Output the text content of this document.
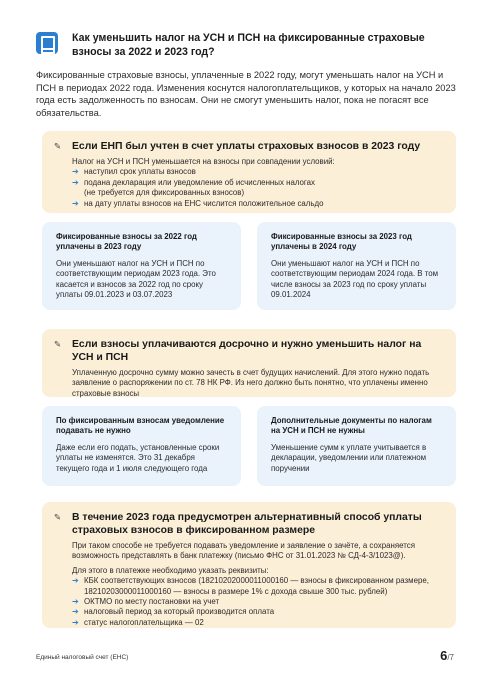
Как уменьшить налог на УСН и ПСН на фиксированные страховые взносы за 2022 и 2023 год?

Фиксированные страховые взносы, уплаченные в 2022 году, могут уменьшать налог на УСН и ПСН в периодах 2022 года. Изменения коснутся налогоплательщиков, у которых на начало 2023 года есть задолженность по взносам. Они не смогут уменьшить налог, пока не погасят все обязательства.

✎ Если ЕНП был учтен в счет уплаты страховых взносов в 2023 году
Налог на УСН и ПСН уменьшается на взносы при совпадении условий:
➔ наступил срок уплаты взносов
➔ подана декларация или уведомление об исчисленных налогах
(не требуется для фиксированных взносов)
➔ на дату уплаты взносов на ЕНС числится положительное сальдо
Фиксированные взносы за 2022 год уплачены в 2023 году
Они уменьшают налог на УСН и ПСН по соответствующим периодам 2023 года. Это касается и взносов за 2022 год по сроку уплаты 09.01.2023 и 03.07.2023
Фиксированные взносы за 2023 год уплачены в 2024 году
Они уменьшают налог на УСН и ПСН по соответствующим периодам 2024 года. В том числе взносы за 2023 год по сроку уплаты 09.01.2024
✎ Если взносы уплачиваются досрочно и нужно уменьшить налог на УСН и ПСН
Уплаченную досрочно сумму можно зачесть в счет будущих начислений. Для этого нужно подать заявление о распоряжении по ст. 78 НК РФ. Из него должно быть понятно, что уплачены именно страховые взносы
По фиксированным взносам уведомление подавать не нужно
Даже если его подать, установленные сроки уплаты не изменятся. Это 31 декабря текущего года и 1 июля следующего года
Дополнительные документы по налогам на УСН и ПСН не нужны
Уменьшение сумм к уплате учитывается в декларации, уведомлении или платежном поручении
✎ В течение 2023 года предусмотрен альтернативный способ уплаты страховых взносов в фиксированном размере
При таком способе не требуется подавать уведомление и заявление о зачёте, а сохраняется возможность представлять в банк платежку (письмо ФНС от 31.01.2023 № СД-4-3/1023@).
Для этого в платежке необходимо указать реквизиты:
➔ КБК соответствующих взносов (18210202000011000160 — взносы в фиксированном размере, 18210203000011000160 — взносы в размере 1% с дохода свыше 300 тыс. рублей)
➔ ОКТМО по месту постановки на учет
➔ налоговый период за который производится оплата
➔ статус налогоплательщика — 02
Единый налоговый счет (ЕНС)	6/7
